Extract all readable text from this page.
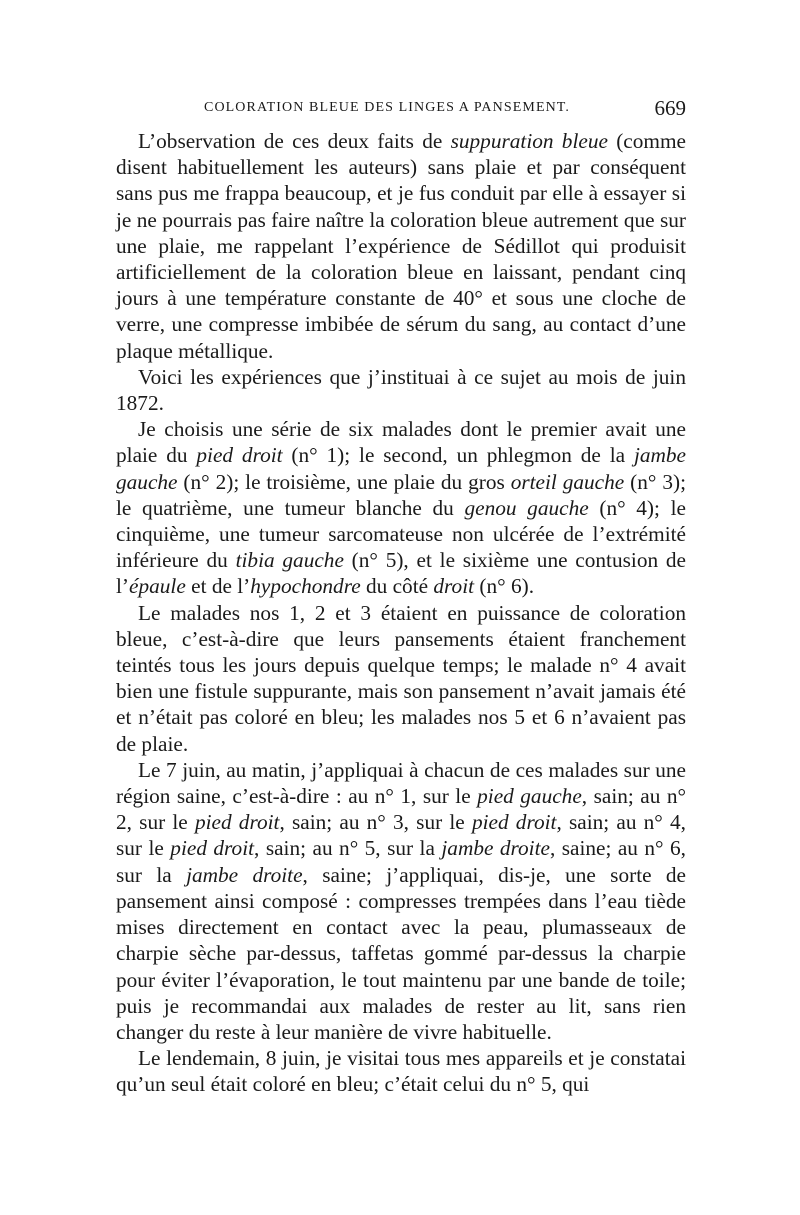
COLORATION BLEUE DES LINGES A PANSEMENT.	669

L’observation de ces deux faits de suppuration bleue (comme disent habituellement les auteurs) sans plaie et par conséquent sans pus me frappa beaucoup, et je fus conduit par elle à essayer si je ne pourrais pas faire naître la coloration bleue autrement que sur une plaie, me rappelant l’expérience de Sédillot qui produisit artificiellement de la coloration bleue en laissant, pendant cinq jours à une température constante de 40° et sous une cloche de verre, une compresse imbibée de sérum du sang, au contact d’une plaque métallique.

Voici les expériences que j’instituai à ce sujet au mois de juin 1872.

Je choisis une série de six malades dont le premier avait une plaie du pied droit (n° 1); le second, un phlegmon de la jambe gauche (n° 2); le troisième, une plaie du gros orteil gauche (n° 3); le quatrième, une tumeur blanche du genou gauche (n° 4); le cinquième, une tumeur sarcomateuse non ulcérée de l’extrémité inférieure du tibia gauche (n° 5), et le sixième une contusion de l’épaule et de l’hypochondre du côté droit (n° 6).

Le malades nos 1, 2 et 3 étaient en puissance de coloration bleue, c’est-à-dire que leurs pansements étaient franchement teintés tous les jours depuis quelque temps; le malade n° 4 avait bien une fistule suppurante, mais son pansement n’avait jamais été et n’était pas coloré en bleu; les malades nos 5 et 6 n’avaient pas de plaie.

Le 7 juin, au matin, j’appliquai à chacun de ces malades sur une région saine, c’est-à-dire : au n° 1, sur le pied gauche, sain; au n° 2, sur le pied droit, sain; au n° 3, sur le pied droit, sain; au n° 4, sur le pied droit, sain; au n° 5, sur la jambe droite, saine; au n° 6, sur la jambe droite, saine; j’appliquai, dis-je, une sorte de pansement ainsi composé : compresses trempées dans l’eau tiède mises directement en contact avec la peau, plumasseaux de charpie sèche par-dessus, taffetas gommé par-dessus la charpie pour éviter l’évaporation, le tout maintenu par une bande de toile; puis je recommandai aux malades de rester au lit, sans rien changer du reste à leur manière de vivre habituelle.

Le lendemain, 8 juin, je visitai tous mes appareils et je constatai qu’un seul était coloré en bleu; c’était celui du n° 5, qui
